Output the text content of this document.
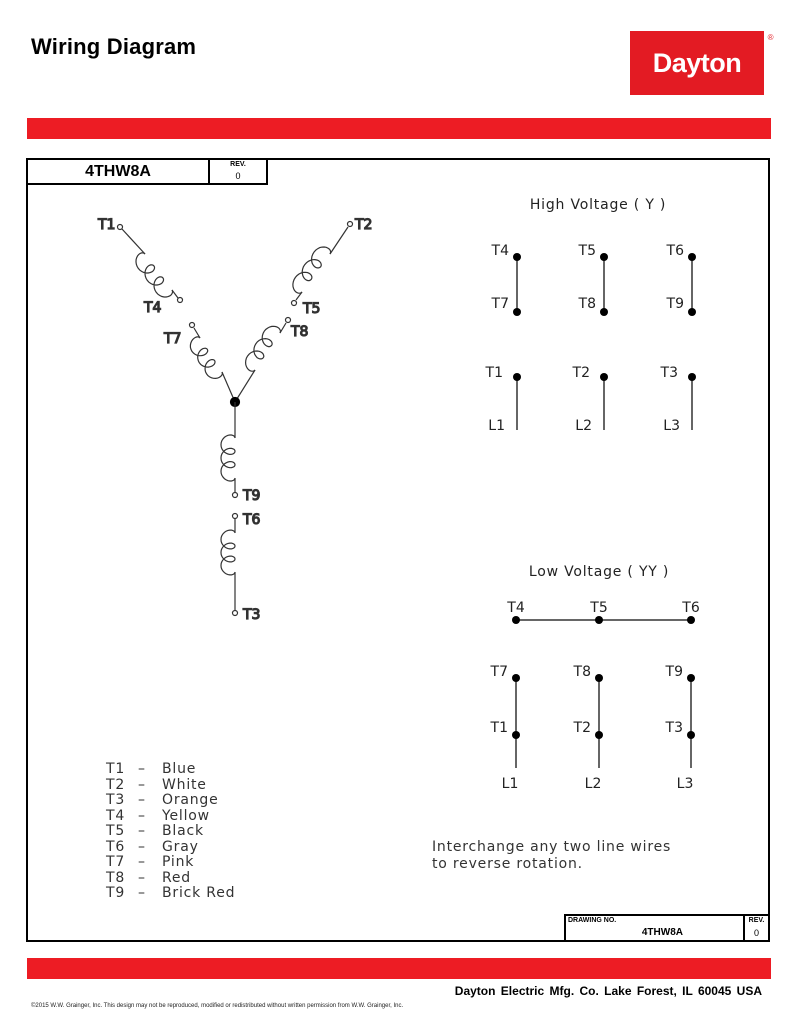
Wiring Diagram
Dayton
®
4THW8A	REV.
0
T1
T4
T7
T2
T5
T8
T9
T6
T3
High Voltage ( Y )
T4
T7
T5
T8
T6
T9
T1
L1
T2
L2
T3
L3
Low Voltage ( YY )
T4	T5	T6
T7
T1
L1
T8
T2
L2
T9
T3
L3
T1 – Blue
T2 – White
T3 – Orange
T4 – Yellow
T5 – Black
T6 – Gray
T7 – Pink
T8 – Red
T9 – Brick Red
Interchange any two line wires
to reverse rotation.
DRAWING NO.
4THW8A
REV.
0
Dayton Electric Mfg. Co. Lake Forest, IL 60045 USA
©2015 W.W. Grainger, Inc. This design may not be reproduced, modified or redistributed without written permission from W.W. Grainger, Inc.
